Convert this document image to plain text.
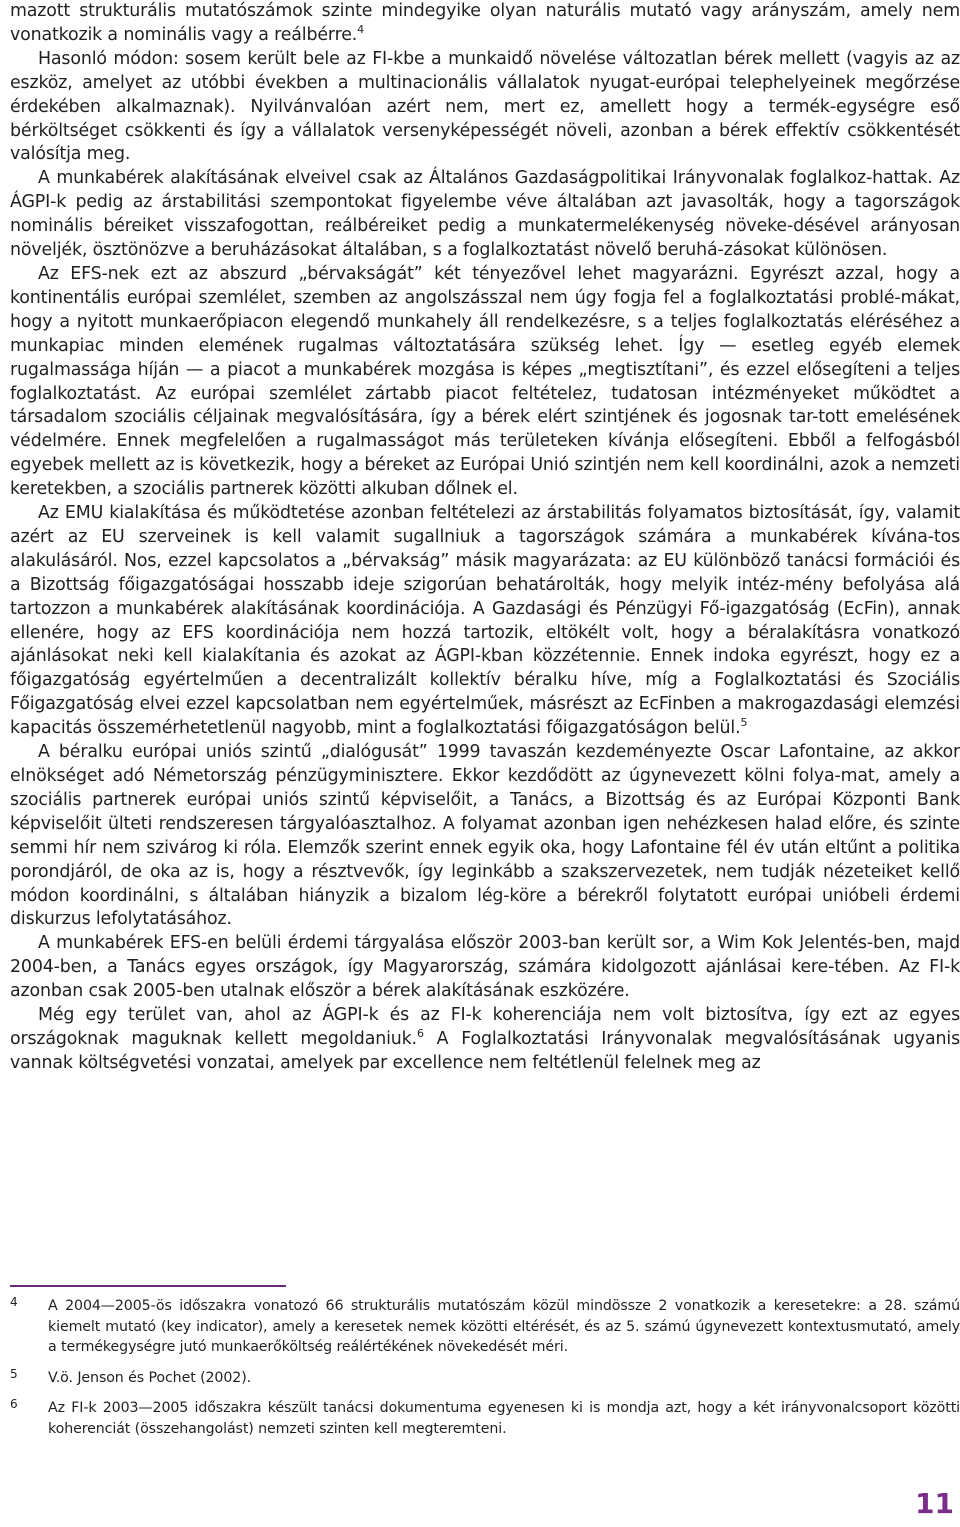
mazott strukturális mutatószámok szinte mindegyike olyan naturális mutató vagy arányszám, amely nem vonatkozik a nominális vagy a reálbérre.$^4$

Hasonló módon: sosem került bele az FI-kbe a munkaidő növelése változatlan bérek mellett (vagyis az az eszköz, amelyet az utóbbi években a multinacionális vállalatok nyugat-európai telephelyeinek megőrzése érdekében alkalmaznak). Nyilvánvalóan azért nem, mert ez, amellett hogy a termék-egységre eső bérköltséget csökkenti és így a vállalatok versenyképességét növeli, azonban a bérek effektív csökkentését valósítja meg.

A munkabérek alakításának elveivel csak az Általános Gazdaságpolitikai Irányvonalak foglalkoz-hattak. Az ÁGPI-k pedig az árstabilitási szempontokat figyelembe véve általában azt javasolták, hogy a tagországok nominális béreiket visszafogottan, reálbéreiket pedig a munkatermelékenység növeke-désével arányosan növeljék, ösztönözve a beruházásokat általában, s a foglalkoztatást növelő beruhá-zásokat különösen.

Az EFS-nek ezt az abszurd „bérvakságát” két tényezővel lehet magyarázni. Egyrészt azzal, hogy a kontinentális európai szemlélet, szemben az angolszásszal nem úgy fogja fel a foglalkoztatási problé-mákat, hogy a nyitott munkaerőpiacon elegendő munkahely áll rendelkezésre, s a teljes foglalkoztatás eléréséhez a munkapiac minden elemének rugalmas változtatására szükség lehet. Így — esetleg egyéb elemek rugalmassága híján — a piacot a munkabérek mozgása is képes „megtisztítani”, és ezzel elősegíteni a teljes foglalkoztatást. Az európai szemlélet zártabb piacot feltételez, tudatosan intézményeket működtet a társadalom szociális céljainak megvalósítására, így a bérek elért szintjének és jogosnak tar-tott emelésének védelmére. Ennek megfelelően a rugalmasságot más területeken kívánja elősegíteni. Ebből a felfogásból egyebek mellett az is következik, hogy a béreket az Európai Unió szintjén nem kell koordinálni, azok a nemzeti keretekben, a szociális partnerek közötti alkuban dőlnek el.

Az EMU kialakítása és működtetése azonban feltételezi az árstabilitás folyamatos biztosítását, így, valamit azért az EU szerveinek is kell valamit sugallniuk a tagországok számára a munkabérek kívána-tos alakulásáról. Nos, ezzel kapcsolatos a „bérvakság” másik magyarázata: az EU különböző tanácsi formációi és a Bizottság főigazgatóságai hosszabb ideje szigorúan behatárolták, hogy melyik intéz-mény befolyása alá tartozzon a munkabérek alakításának koordinációja. A Gazdasági és Pénzügyi Fő-igazgatóság (EcFin), annak ellenére, hogy az EFS koordinációja nem hozzá tartozik, eltökélt volt, hogy a béralakításra vonatkozó ajánlásokat neki kell kialakítania és azokat az ÁGPI-kban közzétennie. Ennek indoka egyrészt, hogy ez a főigazgatóság egyértelműen a decentralizált kollektív béralku híve, míg a Foglalkoztatási és Szociális Főigazgatóság elvei ezzel kapcsolatban nem egyértelműek, másrészt az EcFinben a makrogazdasági elemzési kapacitás összemérhetetlenül nagyobb, mint a foglalkoztatási főigazgatóságon belül.$^5$

A béralku európai uniós szintű „dialógusát” 1999 tavaszán kezdeményezte Oscar Lafontaine, az akkor elnökséget adó Németország pénzügyminisztere. Ekkor kezdődött az úgynevezett kölni folya-mat, amely a szociális partnerek európai uniós szintű képviselőit, a Tanács, a Bizottság és az Európai Központi Bank képviselőit ülteti rendszeresen tárgyalóasztalhoz. A folyamat azonban igen nehézkesen halad előre, és szinte semmi hír nem szivárog ki róla. Elemzők szerint ennek egyik oka, hogy Lafontaine fél év után eltűnt a politika porondjáról, de oka az is, hogy a résztvevők, így leginkább a szakszervezetek, nem tudják nézeteiket kellő módon koordinálni, s általában hiányzik a bizalom lég-köre a bérekről folytatott európai unióbeli érdemi diskurzus lefolytatásához.

A munkabérek EFS-en belüli érdemi tárgyalása először 2003-ban került sor, a Wim Kok Jelentés-ben, majd 2004-ben, a Tanács egyes országok, így Magyarország, számára kidolgozott ajánlásai kere-tében. Az FI-k azonban csak 2005-ben utalnak először a bérek alakításának eszközére.

Még egy terület van, ahol az ÁGPI-k és az FI-k koherenciája nem volt biztosítva, így ezt az egyes országoknak maguknak kellett megoldaniuk.$^6$ A Foglalkoztatási Irányvonalak megvalósításának ugyanis vannak költségvetési vonzatai, amelyek par excellence nem feltétlenül felelnek meg az

4 A 2004—2005-ös időszakra vonatozó 66 strukturális mutatószám közül mindössze 2 vonatkozik a keresetekre: a 28. számú kiemelt mutató (key indicator), amely a keresetek nemek közötti eltérését, és az 5. számú úgynevezett kontextusmutató, amely a termékegységre jutó munkaerőköltség reálértékének növekedését méri.
5 V.ö. Jenson és Pochet (2002).
6 Az FI-k 2003—2005 időszakra készült tanácsi dokumentuma egyenesen ki is mondja azt, hogy a két irányvonalcsoport közötti koherenciát (összehangolást) nemzeti szinten kell megteremteni.
11
